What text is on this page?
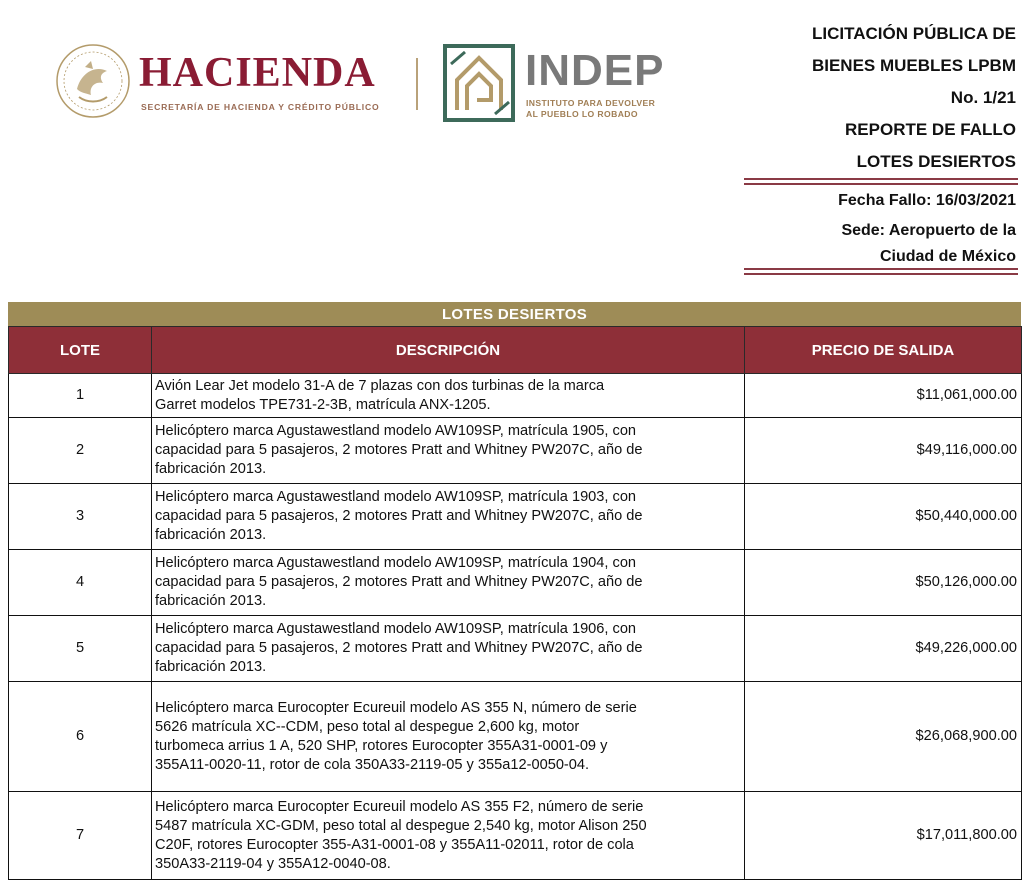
HACIENDA
SECRETARÍA DE HACIENDA Y CRÉDITO PÚBLICO
INDEP
INSTITUTO PARA DEVOLVER
AL PUEBLO LO ROBADO
LICITACIÓN PÚBLICA DE
BIENES MUEBLES LPBM
No. 1/21
REPORTE DE FALLO
LOTES DESIERTOS
Fecha Fallo: 16/03/2021
Sede: Aeropuerto de la
Ciudad de México
LOTES DESIERTOS
LOTE	DESCRIPCIÓN	PRECIO DE SALIDA
1	Avión Lear Jet modelo 31-A de 7 plazas con dos turbinas de la marca
Garret modelos TPE731-2-3B, matrícula ANX-1205.	$11,061,000.00
2	Helicóptero marca Agustawestland modelo AW109SP, matrícula 1905, con
capacidad para 5 pasajeros, 2 motores Pratt and Whitney PW207C, año de
fabricación 2013.	$49,116,000.00
3	Helicóptero marca Agustawestland modelo AW109SP, matrícula 1903, con
capacidad para 5 pasajeros, 2 motores Pratt and Whitney PW207C, año de
fabricación 2013.	$50,440,000.00
4	Helicóptero marca Agustawestland modelo AW109SP, matrícula 1904, con
capacidad para 5 pasajeros, 2 motores Pratt and Whitney PW207C, año de
fabricación 2013.	$50,126,000.00
5	Helicóptero marca Agustawestland modelo AW109SP, matrícula 1906, con
capacidad para 5 pasajeros, 2 motores Pratt and Whitney PW207C, año de
fabricación 2013.	$49,226,000.00
6	Helicóptero marca Eurocopter Ecureuil modelo AS 355 N, número de serie
5626 matrícula XC--CDM, peso total al despegue 2,600 kg, motor
turbomeca arrius 1 A, 520 SHP, rotores Eurocopter 355A31-0001-09 y
355A11-0020-11, rotor de cola 350A33-2119-05 y 355a12-0050-04.	$26,068,900.00
7	Helicóptero marca Eurocopter Ecureuil modelo AS 355 F2, número de serie
5487 matrícula XC-GDM, peso total al despegue 2,540 kg, motor Alison 250
C20F, rotores Eurocopter 355-A31-0001-08 y 355A11-02011, rotor de cola
350A33-2119-04 y 355A12-0040-08.	$17,011,800.00
